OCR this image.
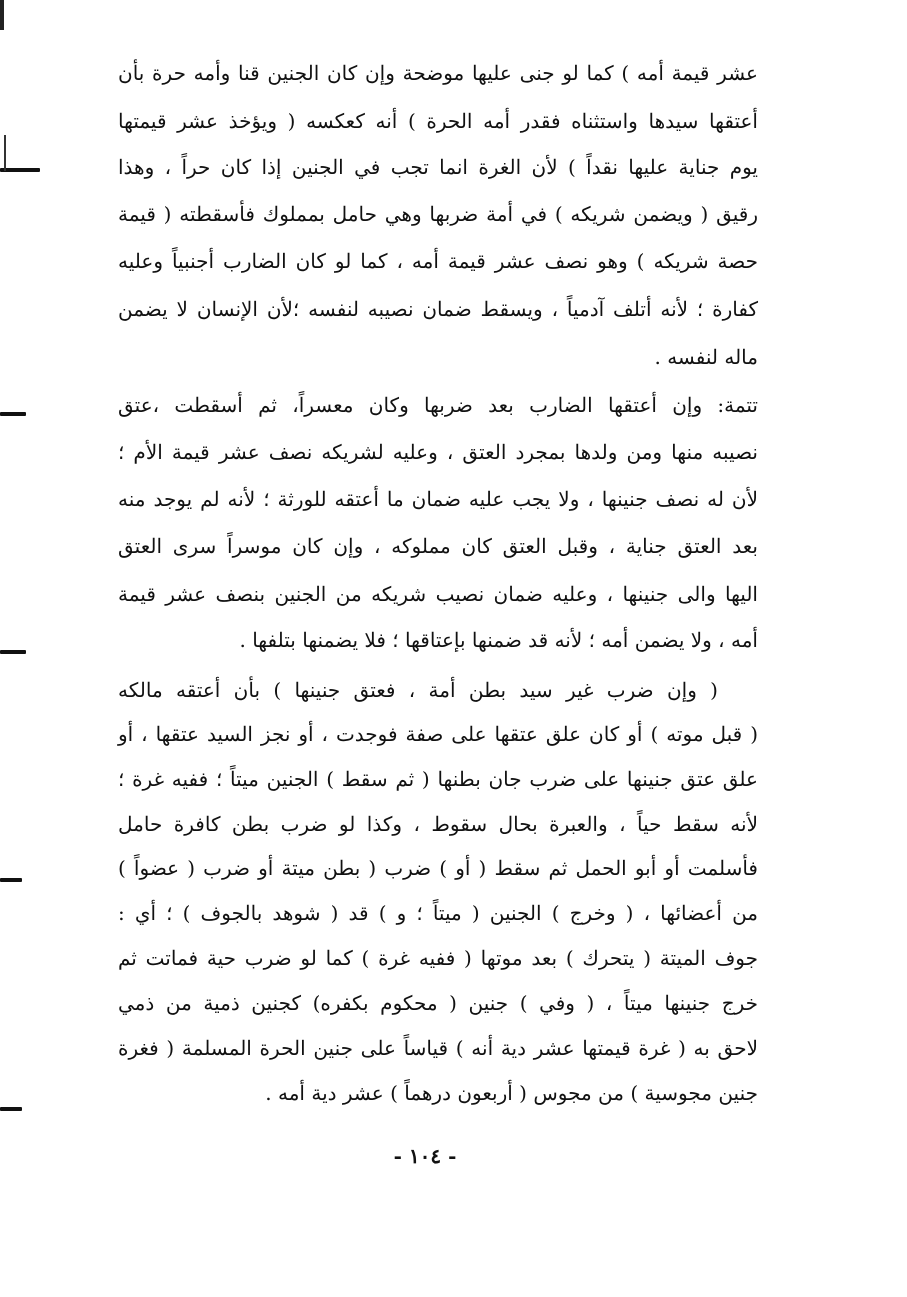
عشر قيمة أمه ) كما لو جنى عليها موضحة وإن كان الجنين قنا وأمه حرة بأن
أعتقها سيدها واستثناه فقدر أمه الحرة ) أنه كعكسه ( ويؤخذ عشر قيمتها
يوم جناية عليها نقداً ) لأن الغرة انما تجب في الجنين إذا كان حراً ، وهذا
رقيق ( ويضمن شريكه ) في أمة ضربها وهي حامل بمملوك فأسقطته ( قيمة
حصة شريكه ) وهو نصف عشر قيمة أمه ، كما لو كان الضارب أجنبياً وعليه
كفارة ؛ لأنه أتلف آدمياً ، ويسقط ضمان نصيبه لنفسه ؛لأن الإنسان لا يضمن
ماله لنفسه .
تتمة: وإن أعتقها الضارب بعد ضربها وكان معسراً، ثم أسقطت ،عتق
نصيبه منها ومن ولدها بمجرد العتق ، وعليه لشريكه نصف عشر قيمة الأم ؛
لأن له نصف جنينها ، ولا يجب عليه ضمان ما أعتقه للورثة ؛ لأنه لم يوجد منه
بعد العتق جناية ، وقبل العتق كان مملوكه ، وإن كان موسراً سرى العتق
اليها والى جنينها ، وعليه ضمان نصيب شريكه من الجنين بنصف عشر قيمة
أمه ، ولا يضمن أمه ؛ لأنه قد ضمنها بإعتاقها ؛ فلا يضمنها بتلفها .
( وإن ضرب غير سيد بطن أمة ، فعتق جنينها ) بأن أعتقه مالكه
( قبل موته ) أو كان علق عتقها على صفة فوجدت ، أو نجز السيد عتقها ، أو
علق عتق جنينها على ضرب جان بطنها ( ثم سقط ) الجنين ميتاً ؛ ففيه غرة ؛
لأنه سقط حياً ، والعبرة بحال سقوط ، وكذا لو ضرب بطن كافرة حامل
فأسلمت أو أبو الحمل ثم سقط ( أو ) ضرب ( بطن ميتة أو ضرب ( عضواً )
من أعضائها ، ( وخرج ) الجنين ( ميتاً ؛ و ) قد ( شوهد بالجوف ) ؛ أي :
جوف الميتة ( يتحرك ) بعد موتها ( ففيه غرة ) كما لو ضرب حية فماتت ثم
خرج جنينها ميتاً ، ( وفي ) جنين ( محكوم بكفره) كجنين ذمية من ذمي
لاحق به ( غرة قيمتها عشر دية أنه ) قياساً على جنين الحرة المسلمة ( فغرة
جنين مجوسية ) من مجوس ( أربعون درهماً ) عشر دية أمه .
- ١٠٤ -
